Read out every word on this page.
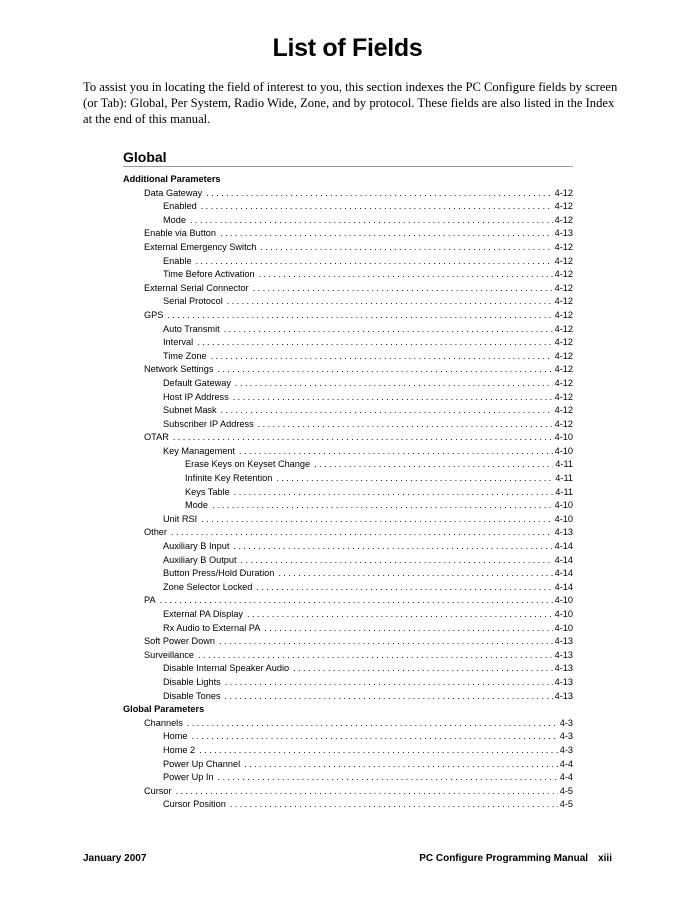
List of Fields
To assist you in locating the field of interest to you, this section indexes the PC Configure fields by screen (or Tab): Global, Per System, Radio Wide, Zone, and by protocol. These fields are also listed in the Index at the end of this manual.
Global
Additional Parameters
Data Gateway .....	4-12
Enabled .....	4-12
Mode .....	4-12
Enable via Button .....	4-13
External Emergency Switch .....	4-12
Enable .....	4-12
Time Before Activation .....	4-12
External Serial Connector .....	4-12
Serial Protocol .....	4-12
GPS .....	4-12
Auto Transmit .....	4-12
Interval .....	4-12
Time Zone .....	4-12
Network Settings .....	4-12
Default Gateway .....	4-12
Host IP Address .....	4-12
Subnet Mask .....	4-12
Subscriber IP Address .....	4-12
OTAR .....	4-10
Key Management .....	4-10
Erase Keys on Keyset Change .....	4-11
Infinite Key Retention .....	4-11
Keys Table .....	4-11
Mode .....	4-10
Unit RSI .....	4-10
Other .....	4-13
Auxiliary B Input .....	4-14
Auxiliary B Output .....	4-14
Button Press/Hold Duration .....	4-14
Zone Selector Locked .....	4-14
PA .....	4-10
External PA Display .....	4-10
Rx Audio to External PA .....	4-10
Soft Power Down .....	4-13
Surveillance .....	4-13
Disable Internal Speaker Audio .....	4-13
Disable Lights .....	4-13
Disable Tones .....	4-13
Global Parameters
Channels .....	4-3
Home .....	4-3
Home 2 .....	4-3
Power Up Channel .....	4-4
Power Up In .....	4-4
Cursor .....	4-5
Cursor Position .....	4-5
January 2007	PC Configure Programming Manual xiii
